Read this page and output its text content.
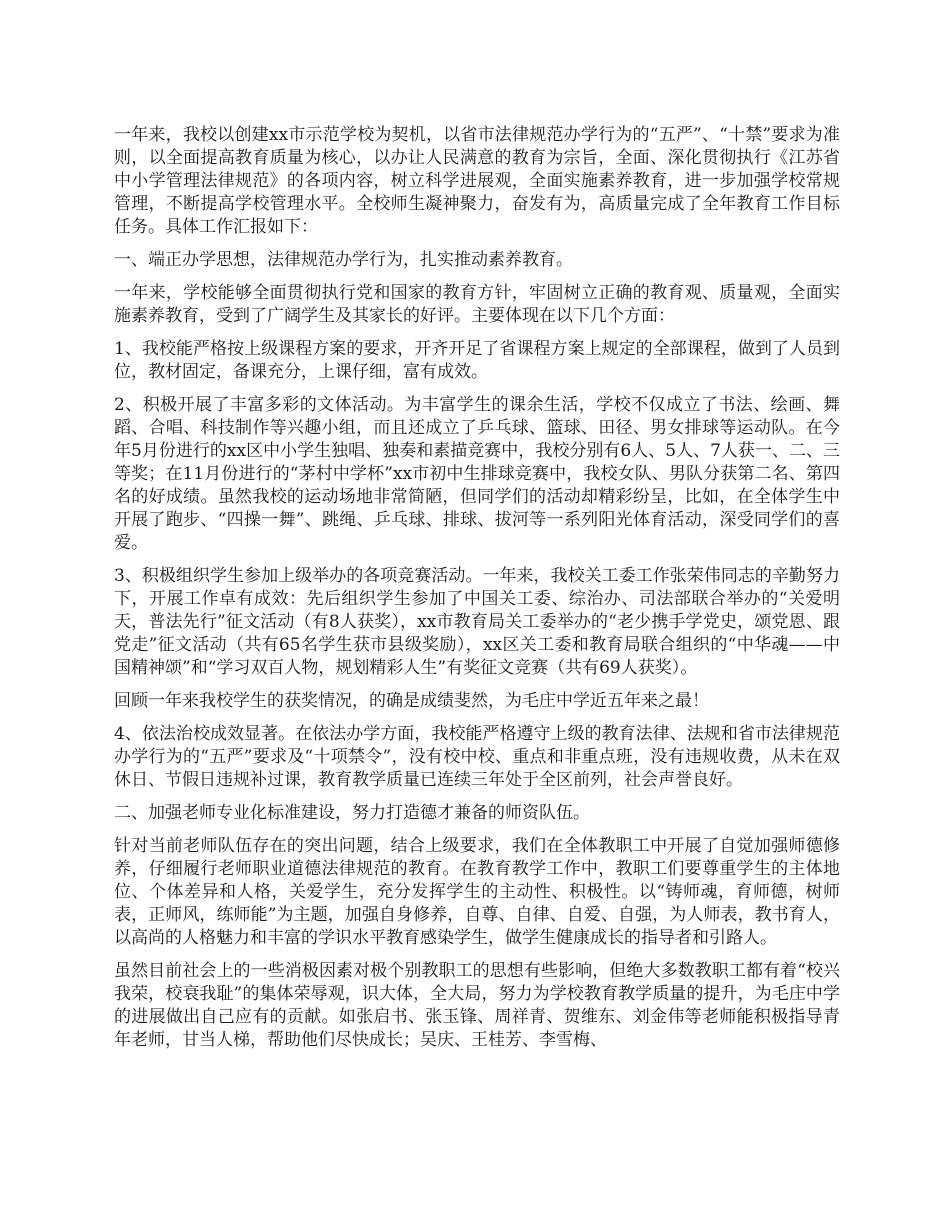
一年来，我校以创建xx市示范学校为契机，以省市法律规范办学行为的“五严”、“十禁”要求为准则，以全面提高教育质量为核心，以办让人民满意的教育为宗旨，全面、深化贯彻执行《江苏省中小学管理法律规范》的各项内容，树立科学进展观，全面实施素养教育，进一步加强学校常规管理，不断提高学校管理水平。全校师生凝神聚力，奋发有为，高质量完成了全年教育工作目标任务。具体工作汇报如下：

一、端正办学思想，法律规范办学行为，扎实推动素养教育。

一年来，学校能够全面贯彻执行党和国家的教育方针，牢固树立正确的教育观、质量观，全面实施素养教育，受到了广阔学生及其家长的好评。主要体现在以下几个方面：

1、我校能严格按上级课程方案的要求，开齐开足了省课程方案上规定的全部课程，做到了人员到位，教材固定，备课充分，上课仔细，富有成效。

2、积极开展了丰富多彩的文体活动。为丰富学生的课余生活，学校不仅成立了书法、绘画、舞蹈、合唱、科技制作等兴趣小组，而且还成立了乒乓球、篮球、田径、男女排球等运动队。在今年5月份进行的xx区中小学生独唱、独奏和素描竞赛中，我校分别有6人、5人、7人获一、二、三等奖；在11月份进行的“茅村中学杯”xx市初中生排球竞赛中，我校女队、男队分获第二名、第四名的好成绩。虽然我校的运动场地非常简陋，但同学们的活动却精彩纷呈，比如，在全体学生中开展了跑步、“四操一舞”、跳绳、乒乓球、排球、拔河等一系列阳光体育活动，深受同学们的喜爱。

3、积极组织学生参加上级举办的各项竞赛活动。一年来，我校关工委工作张荣伟同志的辛勤努力下，开展工作卓有成效：先后组织学生参加了中国关工委、综治办、司法部联合举办的“关爱明天，普法先行”征文活动（有8人获奖），xx市教育局关工委举办的“老少携手学党史，颂党恩、跟党走”征文活动（共有65名学生获市县级奖励），xx区关工委和教育局联合组织的“中华魂——中国精神颂”和“学习双百人物，规划精彩人生”有奖征文竞赛（共有69人获奖）。

回顾一年来我校学生的获奖情况，的确是成绩斐然，为毛庄中学近五年来之最！

4、依法治校成效显著。在依法办学方面，我校能严格遵守上级的教育法律、法规和省市法律规范办学行为的“五严”要求及“十项禁令”，没有校中校、重点和非重点班，没有违规收费，从未在双休日、节假日违规补过课，教育教学质量已连续三年处于全区前列，社会声誉良好。

二、加强老师专业化标准建设，努力打造德才兼备的师资队伍。

针对当前老师队伍存在的突出问题，结合上级要求，我们在全体教职工中开展了自觉加强师德修养，仔细履行老师职业道德法律规范的教育。在教育教学工作中，教职工们要尊重学生的主体地位、个体差异和人格，关爱学生，充分发挥学生的主动性、积极性。以“铸师魂，育师德，树师表，正师风，练师能”为主题，加强自身修养，自尊、自律、自爱、自强，为人师表，教书育人，以高尚的人格魅力和丰富的学识水平教育感染学生，做学生健康成长的指导者和引路人。

虽然目前社会上的一些消极因素对极个别教职工的思想有些影响，但绝大多数教职工都有着“校兴我荣，校衰我耻”的集体荣辱观，识大体，全大局，努力为学校教育教学质量的提升，为毛庄中学的进展做出自己应有的贡献。如张启书、张玉锋、周祥青、贺维东、刘金伟等老师能积极指导青年老师，甘当人梯，帮助他们尽快成长；吴庆、王桂芳、李雪梅、
